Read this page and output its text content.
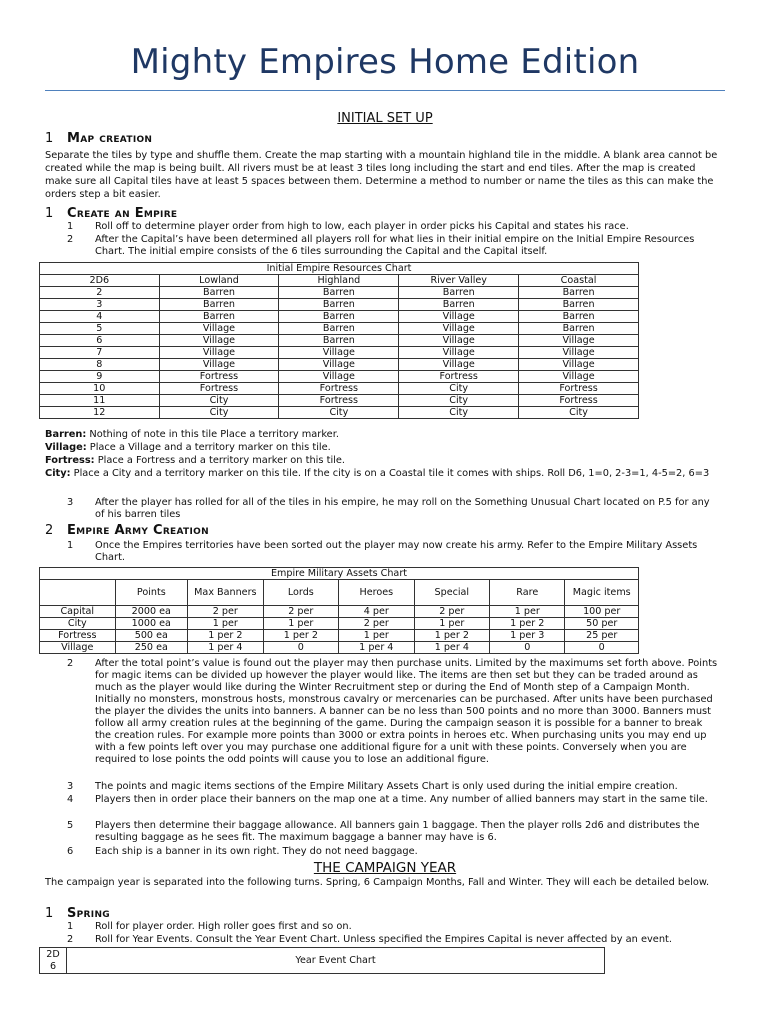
Mighty Empires Home Edition
INITIAL SET UP
1 Map creation
Separate the tiles by type and shuffle them. Create the map starting with a mountain highland tile in the middle. A blank area cannot be created while the map is being built. All rivers must be at least 3 tiles long including the start and end tiles. After the map is created make sure all Capital tiles have at least 5 spaces between them. Determine a method to number or name the tiles as this can make the orders step a bit easier.
1 Create an Empire
1 Roll off to determine player order from high to low, each player in order picks his Capital and states his race.
2 After the Capital’s have been determined all players roll for what lies in their initial empire on the Initial Empire Resources Chart. The initial empire consists of the 6 tiles surrounding the Capital and the Capital itself.
Initial Empire Resources Chart				
2D6	Lowland	Highland	River Valley	Coastal
2	Barren	Barren	Barren	Barren
3	Barren	Barren	Barren	Barren
4	Barren	Barren	Village	Barren
5	Village	Barren	Village	Barren
6	Village	Barren	Village	Village
7	Village	Village	Village	Village
8	Village	Village	Village	Village
9	Fortress	Village	Fortress	Village
10	Fortress	Fortress	City	Fortress
11	City	Fortress	City	Fortress
12	City	City	City	City
Barren: Nothing of note in this tile Place a territory marker.
Village: Place a Village and a territory marker on this tile.
Fortress: Place a Fortress and a territory marker on this tile.
City: Place a City and a territory marker on this tile. If the city is on a Coastal tile it comes with ships. Roll D6, 1=0, 2-3=1, 4-5=2, 6=3
3 After the player has rolled for all of the tiles in his empire, he may roll on the Something Unusual Chart located on P.5 for any of his barren tiles
2 Empire Army Creation
1 Once the Empires territories have been sorted out the player may now create his army. Refer to the Empire Military Assets Chart.
Empire Military Assets Chart							
	Points	Max Banners	Lords	Heroes	Special	Rare	Magic items
Capital	2000 ea	2 per	2 per	4 per	2 per	1 per	100 per
City	1000 ea	1 per	1 per	2 per	1 per	1 per 2	50 per
Fortress	500 ea	1 per 2	1 per 2	1 per	1 per 2	1 per 3	25 per
Village	250 ea	1 per 4	0	1 per 4	1 per 4	0	0
2 After the total point’s value is found out the player may then purchase units. Limited by the maximums set forth above. Points for magic items can be divided up however the player would like. The items are then set but they can be traded around as much as the player would like during the Winter Recruitment step or during the End of Month step of a Campaign Month. Initially no monsters, monstrous hosts, monstrous cavalry or mercenaries can be purchased. After units have been purchased the player the divides the units into banners. A banner can be no less than 500 points and no more than 3000. Banners must follow all army creation rules at the beginning of the game. During the campaign season it is possible for a banner to break the creation rules. For example more points than 3000 or extra points in heroes etc. When purchasing units you may end up with a few points left over you may purchase one additional figure for a unit with these points. Conversely when you are required to lose points the odd points will cause you to lose an additional figure.
3 The points and magic items sections of the Empire Military Assets Chart is only used during the initial empire creation.
4 Players then in order place their banners on the map one at a time. Any number of allied banners may start in the same tile.
5 Players then determine their baggage allowance. All banners gain 1 baggage. Then the player rolls 2d6 and distributes the resulting baggage as he sees fit. The maximum baggage a banner may have is 6.
6 Each ship is a banner in its own right. They do not need baggage.
THE CAMPAIGN YEAR
The campaign year is separated into the following turns. Spring, 6 Campaign Months, Fall and Winter. They will each be detailed below.
1 Spring
1 Roll for player order. High roller goes first and so on.
2 Roll for Year Events. Consult the Year Event Chart. Unless specified the Empires Capital is never affected by an event.
2D
6	Year Event Chart
